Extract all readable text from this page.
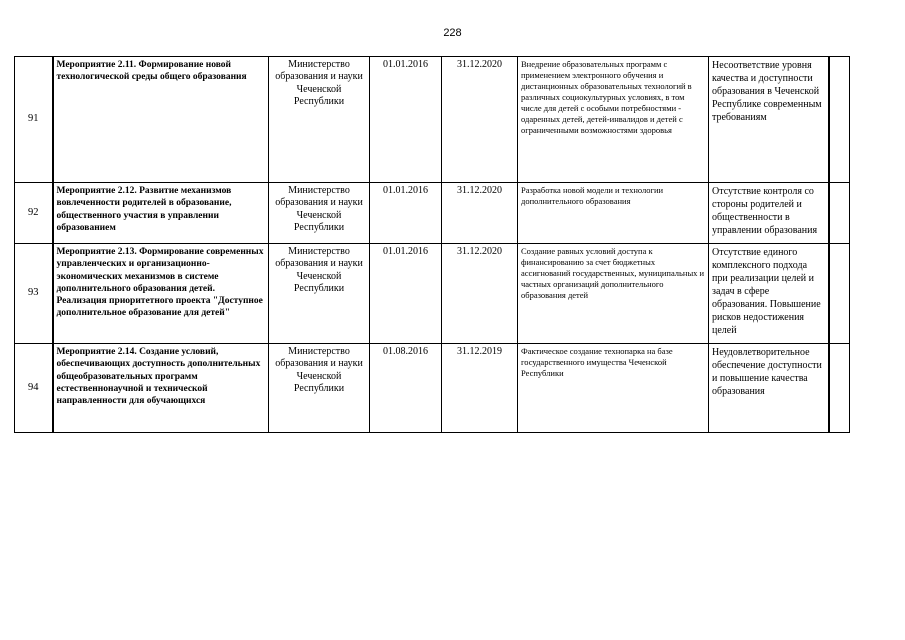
228
91	Мероприятие 2.11. Формирование новой технологической среды общего образования	Министерство образования и науки Чеченской Республики	01.01.2016	31.12.2020	Внедрение образовательных программ с применением электронного обучения и дистанционных образовательных технологий в различных социокультурных условиях, в том числе для детей с особыми потребностями - одаренных детей, детей-инвалидов и детей с ограниченными возможностями здоровья	Несоответствие уровня качества и доступности образования в Чеченской Республике современным требованиям	
92	Мероприятие 2.12. Развитие механизмов вовлеченности родителей в образование, общественного участия в управлении образованием	Министерство образования и науки Чеченской Республики	01.01.2016	31.12.2020	Разработка новой модели и технологии дополнительного образования	Отсутствие контроля со стороны родителей и общественности в управлении образования	
93	Мероприятие 2.13. Формирование современных управленческих и организационно-экономических механизмов в системе дополнительного образования детей. Реализация приоритетного проекта "Доступное дополнительное образование для детей"	Министерство образования и науки Чеченской Республики	01.01.2016	31.12.2020	Создание равных условий доступа к финансированию за счет бюджетных ассигнований государственных, муниципальных и частных организаций дополнительного образования детей	Отсутствие единого комплексного подхода при реализации целей и задач в сфере образования. Повышение рисков недостижения целей	
94	Мероприятие 2.14. Создание условий, обеспечивающих доступность дополнительных общеобразовательных программ естественнонаучной и технической направленности для обучающихся	Министерство образования и науки Чеченской Республики	01.08.2016	31.12.2019	Фактическое создание технопарка на базе государственного имущества Чеченской Республики	Неудовлетворительное обеспечение доступности и повышение качества образования	
